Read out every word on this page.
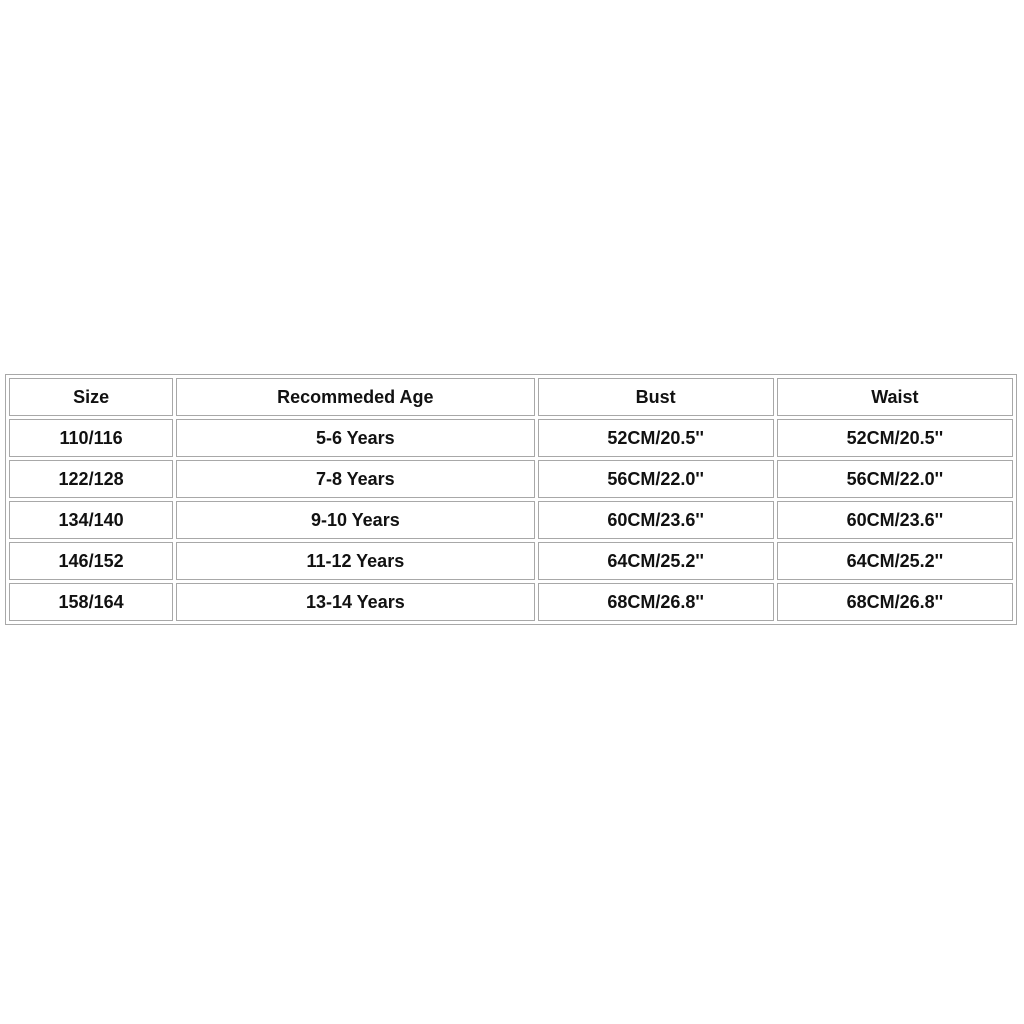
Size	Recommeded Age	Bust	Waist
110/116	5-6 Years	52CM/20.5''	52CM/20.5''
122/128	7-8 Years	56CM/22.0''	56CM/22.0''
134/140	9-10 Years	60CM/23.6''	60CM/23.6''
146/152	11-12 Years	64CM/25.2''	64CM/25.2''
158/164	13-14 Years	68CM/26.8''	68CM/26.8''
